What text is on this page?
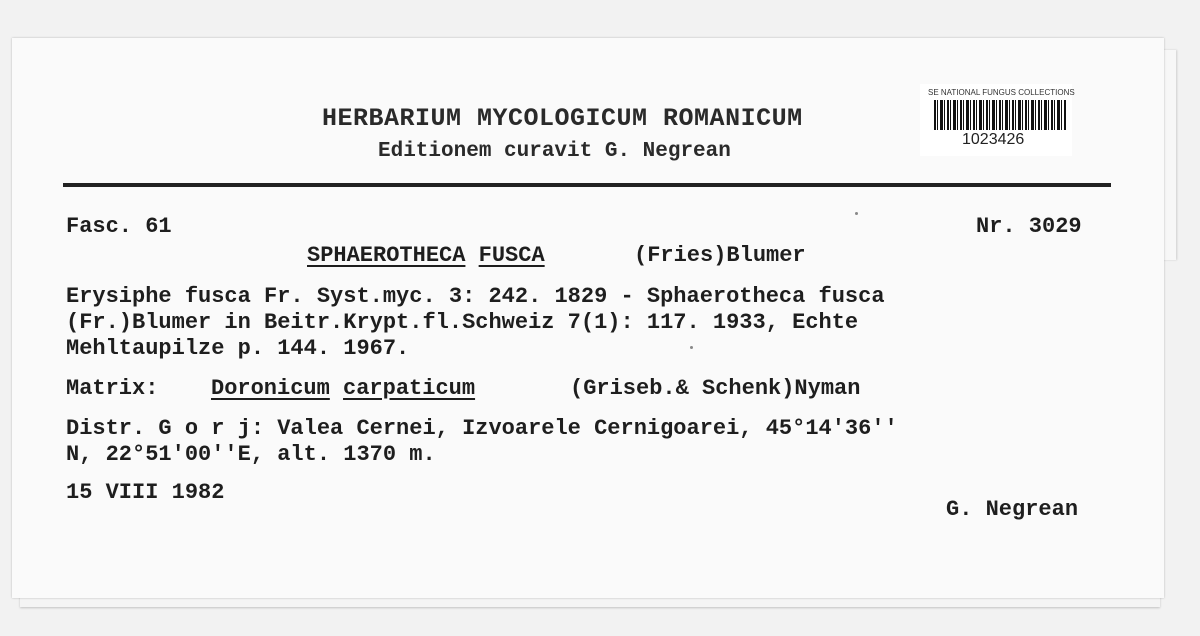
HERBARIUM MYCOLOGICUM ROMANICUM
Editionem curavit G. Negrean
SE NATIONAL FUNGUS COLLECTIONS
1023426
Fasc. 61	Nr. 3029
SPHAEROTHECA FUSCA	(Fries)Blumer
Erysiphe fusca Fr. Syst.myc. 3: 242. 1829 - Sphaerotheca fusca
(Fr.)Blumer in Beitr.Krypt.fl.Schweiz 7(1): 117. 1933, Echte
Mehltaupilze p. 144. 1967.
Matrix: Doronicum carpaticum	(Griseb.& Schenk)Nyman
Distr. G o r j: Valea Cernei, Izvoarele Cernigoarei, 45°14'36''
N, 22°51'00''E, alt. 1370 m.
15 VIII 1982
G. Negrean
